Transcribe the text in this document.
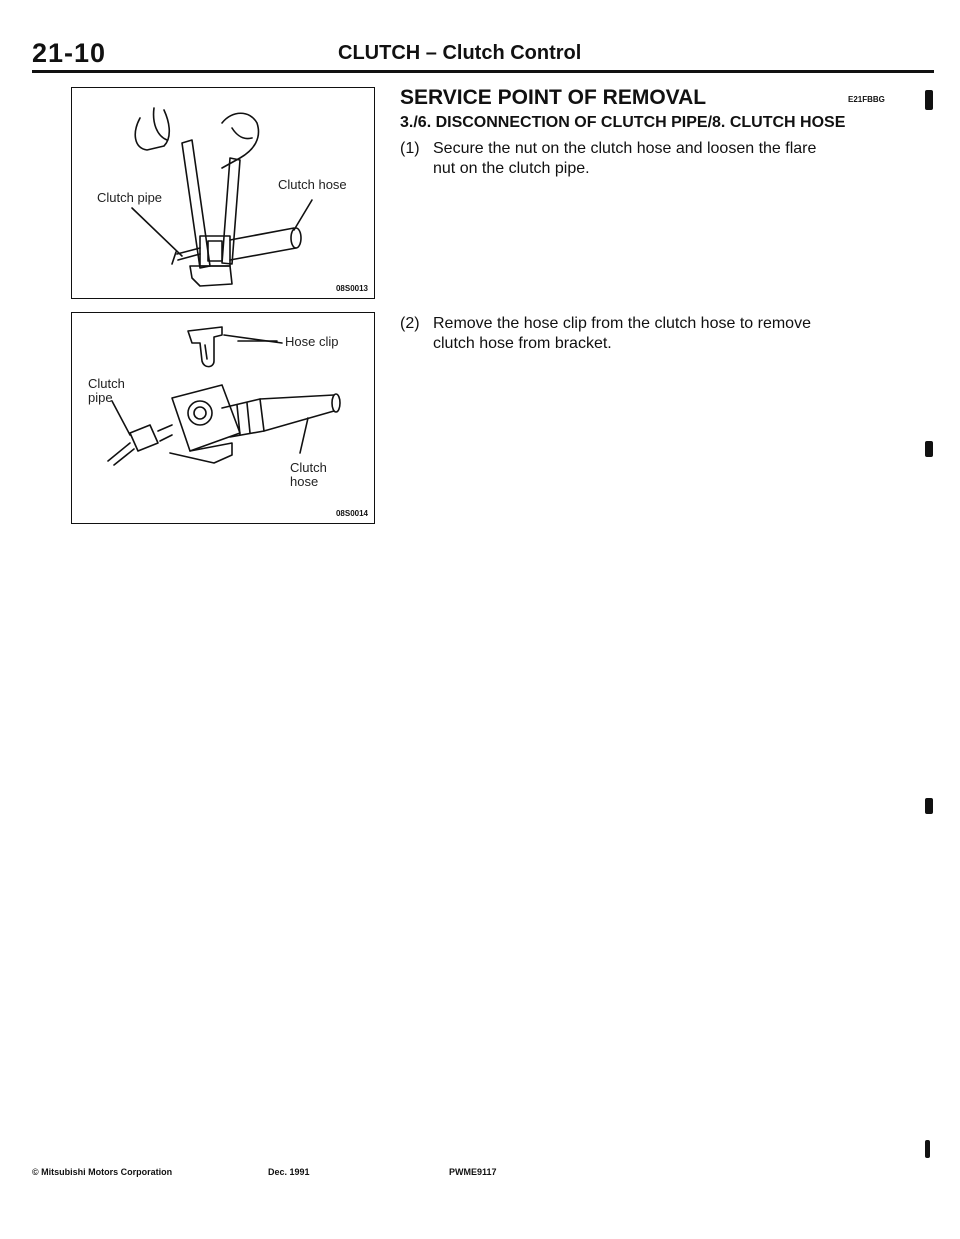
21-10	CLUTCH – Clutch Control
Clutch pipe
Clutch hose
08S0013
Hose clip
Clutch
pipe
Clutch
hose
08S0014
SERVICE POINT OF REMOVAL	E21FBBG
3./6. DISCONNECTION OF CLUTCH PIPE/8. CLUTCH HOSE
(1) Secure the nut on the clutch hose and loosen the flare
nut on the clutch pipe.
(2) Remove the hose clip from the clutch hose to remove
clutch hose from bracket.
© Mitsubishi Motors Corporation	Dec. 1991	PWME9117
